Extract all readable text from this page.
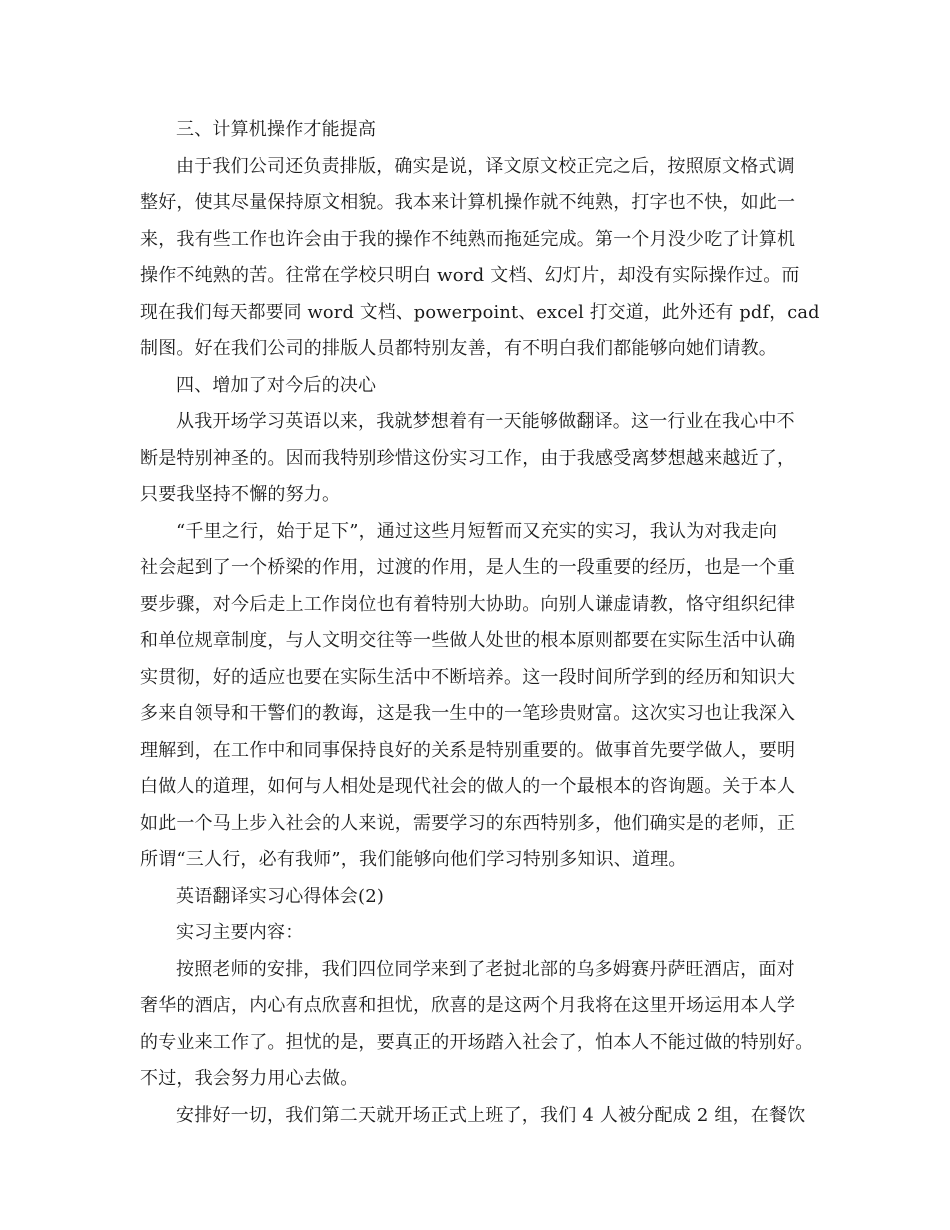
三、计算机操作才能提高
由于我们公司还负责排版，确实是说，译文原文校正完之后，按照原文格式调
整好，使其尽量保持原文相貌。我本来计算机操作就不纯熟，打字也不快，如此一
来，我有些工作也许会由于我的操作不纯熟而拖延完成。第一个月没少吃了计算机
操作不纯熟的苦。往常在学校只明白 word 文档、幻灯片，却没有实际操作过。而
现在我们每天都要同 word 文档、powerpoint、excel 打交道，此外还有 pdf，cad
制图。好在我们公司的排版人员都特别友善，有不明白我们都能够向她们请教。
四、增加了对今后的决心
从我开场学习英语以来，我就梦想着有一天能够做翻译。这一行业在我心中不
断是特别神圣的。因而我特别珍惜这份实习工作，由于我感受离梦想越来越近了，
只要我坚持不懈的努力。
“千里之行，始于足下”，通过这些月短暂而又充实的实习，我认为对我走向
社会起到了一个桥梁的作用，过渡的作用，是人生的一段重要的经历，也是一个重
要步骤，对今后走上工作岗位也有着特别大协助。向别人谦虚请教，恪守组织纪律
和单位规章制度，与人文明交往等一些做人处世的根本原则都要在实际生活中认确
实贯彻，好的适应也要在实际生活中不断培养。这一段时间所学到的经历和知识大
多来自领导和干警们的教诲，这是我一生中的一笔珍贵财富。这次实习也让我深入
理解到，在工作中和同事保持良好的关系是特别重要的。做事首先要学做人，要明
白做人的道理，如何与人相处是现代社会的做人的一个最根本的咨询题。关于本人
如此一个马上步入社会的人来说，需要学习的东西特别多，他们确实是的老师，正
所谓“三人行，必有我师”，我们能够向他们学习特别多知识、道理。
英语翻译实习心得体会(2)
实习主要内容：
按照老师的安排，我们四位同学来到了老挝北部的乌多姆赛丹萨旺酒店，面对
奢华的酒店，内心有点欣喜和担忧，欣喜的是这两个月我将在这里开场运用本人学
的专业来工作了。担忧的是，要真正的开场踏入社会了，怕本人不能过做的特别好。
不过，我会努力用心去做。
安排好一切，我们第二天就开场正式上班了，我们 4 人被分配成 2 组，在餐饮
